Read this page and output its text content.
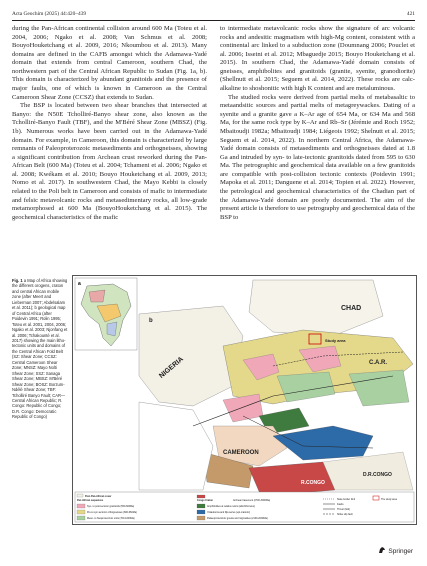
Acta Geochim (2025) 44:420–439	421

during the Pan-African continental collision around 600 Ma (Toteu et al. 2004, 2006; Ngako et al. 2008; Van Schmus et al. 2008; BouyoHouketchang et al. 2009, 2016; Nkoumbou et al. 2013). Many domains are defined in the CAFB amongst which the Adamawa-Yadé domain that extends from central Cameroon, southern Chad, the northwestern part of the Central African Republic to Sudan (Fig. 1a, b). This domain is characterized by abundant granitoids and the presence of major faults, one of which is known in Cameroon as the Central Cameroon Shear Zone (CCSZ) that extends to Sudan.

The BSP is located between two shear branches that intersected at Banyo: the N50E Tcholliré-Banyo shear zone, also known as the Tcholliré-Banyo Fault (TBF), and the M'Béré Shear Zone (MBSZ) (Fig. 1b). Numerous works have been carried out in the Adamawa-Yadé domain. For example, in Cameroon, this domain is characterized by large remnants of Paleoproterozoic metasediments and orthogneisses, showing a significant contribution from Archean crust reworked during the Pan-African Belt (600 Ma) (Toteu et al. 2004; Tchameni et al. 2006; Ngako et al. 2008; Kwékam et al. 2010; Bouyo Houketchang et al. 2009, 2013; Nomo et al. 2017). In southwestern Chad, the Mayo Kebbi is closely related to the Poli belt in Cameroon and consists of mafic to intermediate and felsic metavolcanic rocks and metasedimentary rocks, all low-grade metamorphosed at 600 Ma (BouyoHouketchang et al. 2015). The geochemical characteristics of the mafic

to intermediate metavolcanic rocks show the signature of arc volcanic rocks and andesitic magmatism with high-Mg content, consistent with a continental arc linked to a subduction zone (Doumnang 2006; Pouclet et al. 2006; Isseini et al. 2012; Mbaguedje 2015; Bouyo Houketchang et al. 2015). In southern Chad, the Adamawa-Yadé domain consists of gneisses, amphibolites and granitoids (granite, syenite, granodiorite) (Shellnutt et al. 2015; Seguem et al. 2014, 2022). These rocks are calc-alkaline to shoshonitic with high K content and are metaluminous.

The studied rocks were derived from partial melts of metabasaltic to metaandsitic sources and partial melts of metagreywackes. Dating of a syenite and a granite gave a K–Ar age of 654 Ma, or 634 Ma and 568 Ma, for the same rock type by K–Ar and Rb–Sr (Jérémie and Roch 1952; Mbaitoudji 1982a; Mbaitoudji 1984; Liégeois 1992; Shelnutt et al. 2015; Seguem et al. 2014, 2022). In northern Central Africa, the Adamawa-Yadé domain consists of metasediments and orthogneisses dated at 1.8 Ga and intruded by syn- to late-tectonic granitoids dated from 595 to 630 Ma. The petrographic and geochemical data available on a few granitoids are compatible with post-collision tectonic contexts (Poidevin 1991; Mapoka et al. 2011; Danguene et al. 2014; Topien et al. 2022). However, the petrological and geochemical characteristics of the Chadian part of the Adamawa-Yadé domain are poorly documented. The aim of the present article is therefore to use petrography and geochemical data of the BSP to

Fig. 1 a Map of Africa showing the different orogens, craton and central African mobile zone (after Meert and Lieberman 2007; Abdelsalam et al. 2011); b geological map of Central Africa (after Poidevin 1991; Rolin 1995; Toteu et al. 2001, 2004, 2006; Ngako et al. 2003; Njonfang et al. 2006; Tchakounté et al. 2017) showing the main litho-tectonic units and domains of the Central African Fold Belt (SZ: Shear Zone; CCSZ: Central Cameroon Shear Zone; MNSZ: Mayo Nolti Shear Zone; SSZ: Sanaga Shear Zone; MBSZ: M'Béré Shear Zone; BOSZ: Borzum-Ndélé Shear Zone; TBF: Tcholliré Banyo Fault; CAR—Central African Republic; R. Congo: Republic of Congo; D.R. Congo: Democratic Republic of Congo)
a
Study area
CHAD
NIGERIA	C.A.R.
CAMEROON
R.CONGO
D.R.CONGO
b
Post-Pan-African cover
Pan African sequences	Congo Craton
Syn- to post-tectonic granitoids (550-600Ma)
Pre-to syn-tectonic orthogneisses (600-660Ma)
Meso- to Neoproterozoic units (700-1000Ma)
Amphibolites at relative relics (allochthonous)
Yokadouma and Dja series (epi-cratonic)
Palaeoproterozoic gneiss and migmatites (2100-2000Ma)
Archean basement (2700-3000Ma)	State border limit
Faults
Thrust (fold)
Strike slip fault
The study area
Springer
